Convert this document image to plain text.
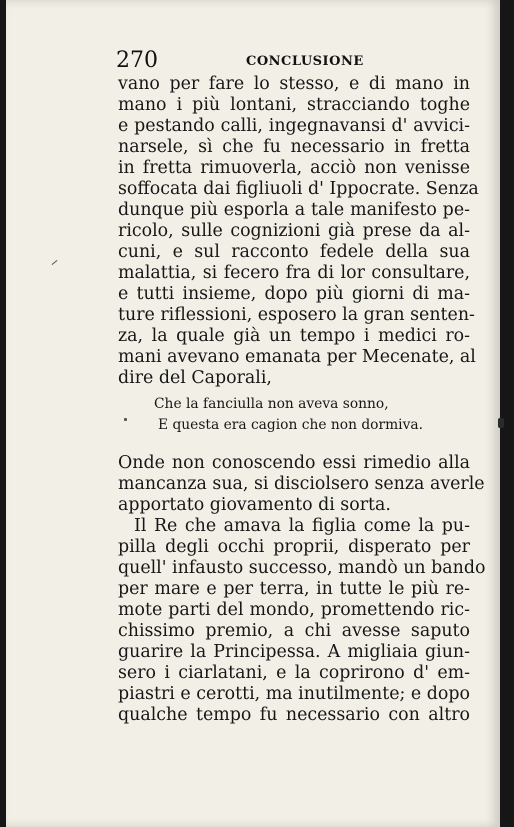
270	CONCLUSIONE
vano per fare lo stesso, e di mano in
mano i più lontani, stracciando toghe
e pestando calli, ingegnavansi d' avvici-
narsele, sì che fu necessario in fretta
in fretta rimuoverla, acciò non venisse
soffocata dai figliuoli d' Ippocrate. Senza
dunque più esporla a tale manifesto pe-
ricolo, sulle cognizioni già prese da al-
cuni, e sul racconto fedele della sua
malattia, si fecero fra di lor consultare,
e tutti insieme, dopo più giorni di ma-
ture riflessioni, esposero la gran senten-
za, la quale già un tempo i medici ro-
mani avevano emanata per Mecenate, al
dire del Caporali,
Che la fanciulla non aveva sonno,
E questa era cagion che non dormiva.
Onde non conoscendo essi rimedio alla
mancanza sua, si disciolsero senza averle
apportato giovamento di sorta.
Il Re che amava la figlia come la pu-
pilla degli occhi proprii, disperato per
quell' infausto successo, mandò un bando
per mare e per terra, in tutte le più re-
mote parti del mondo, promettendo ric-
chissimo premio, a chi avesse saputo
guarire la Principessa. A migliaia giun-
sero i ciarlatani, e la coprirono d' em-
piastri e cerotti, ma inutilmente; e dopo
qualche tempo fu necessario con altro
